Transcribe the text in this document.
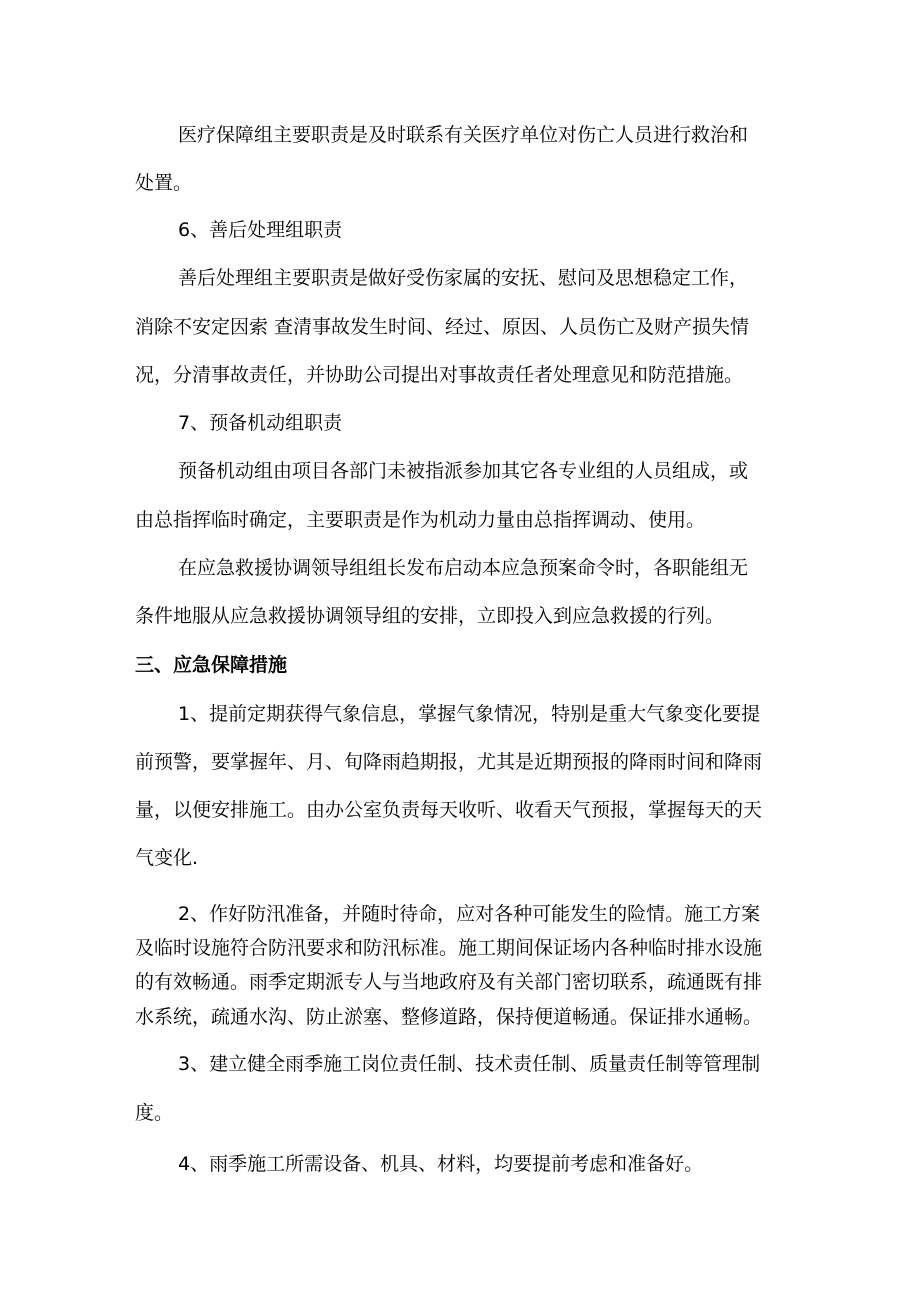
医疗保障组主要职责是及时联系有关医疗单位对伤亡人员进行救治和

处置。

6、善后处理组职责

善后处理组主要职责是做好受伤家属的安抚、慰问及思想稳定工作，

消除不安定因索 查清事故发生时间、经过、原因、人员伤亡及财产损失情

况，分清事故责任，并协助公司提出对事故责任者处理意见和防范措施。

7、预备机动组职责

预备机动组由项目各部门未被指派参加其它各专业组的人员组成，或

由总指挥临时确定，主要职责是作为机动力量由总指挥调动、使用。

在应急救援协调领导组组长发布启动本应急预案命令时，各职能组无

条件地服从应急救援协调领导组的安排，立即投入到应急救援的行列。

三、应急保障措施

1、提前定期获得气象信息，掌握气象情况，特别是重大气象变化要提

前预警，要掌握年、月、旬降雨趋期报，尤其是近期预报的降雨时间和降雨

量，以便安排施工。由办公室负责每天收听、收看天气预报，掌握每天的天

气变化.

2、作好防汛准备，并随时待命，应对各种可能发生的险情。施工方案

及临时设施符合防汛要求和防汛标准。施工期间保证场内各种临时排水设施

的有效畅通。雨季定期派专人与当地政府及有关部门密切联系，疏通既有排

水系统，疏通水沟、防止淤塞、整修道路，保持便道畅通。保证排水通畅。

3、建立健全雨季施工岗位责任制、技术责任制、质量责任制等管理制

度。

4、雨季施工所需设备、机具、材料，均要提前考虑和准备好。
